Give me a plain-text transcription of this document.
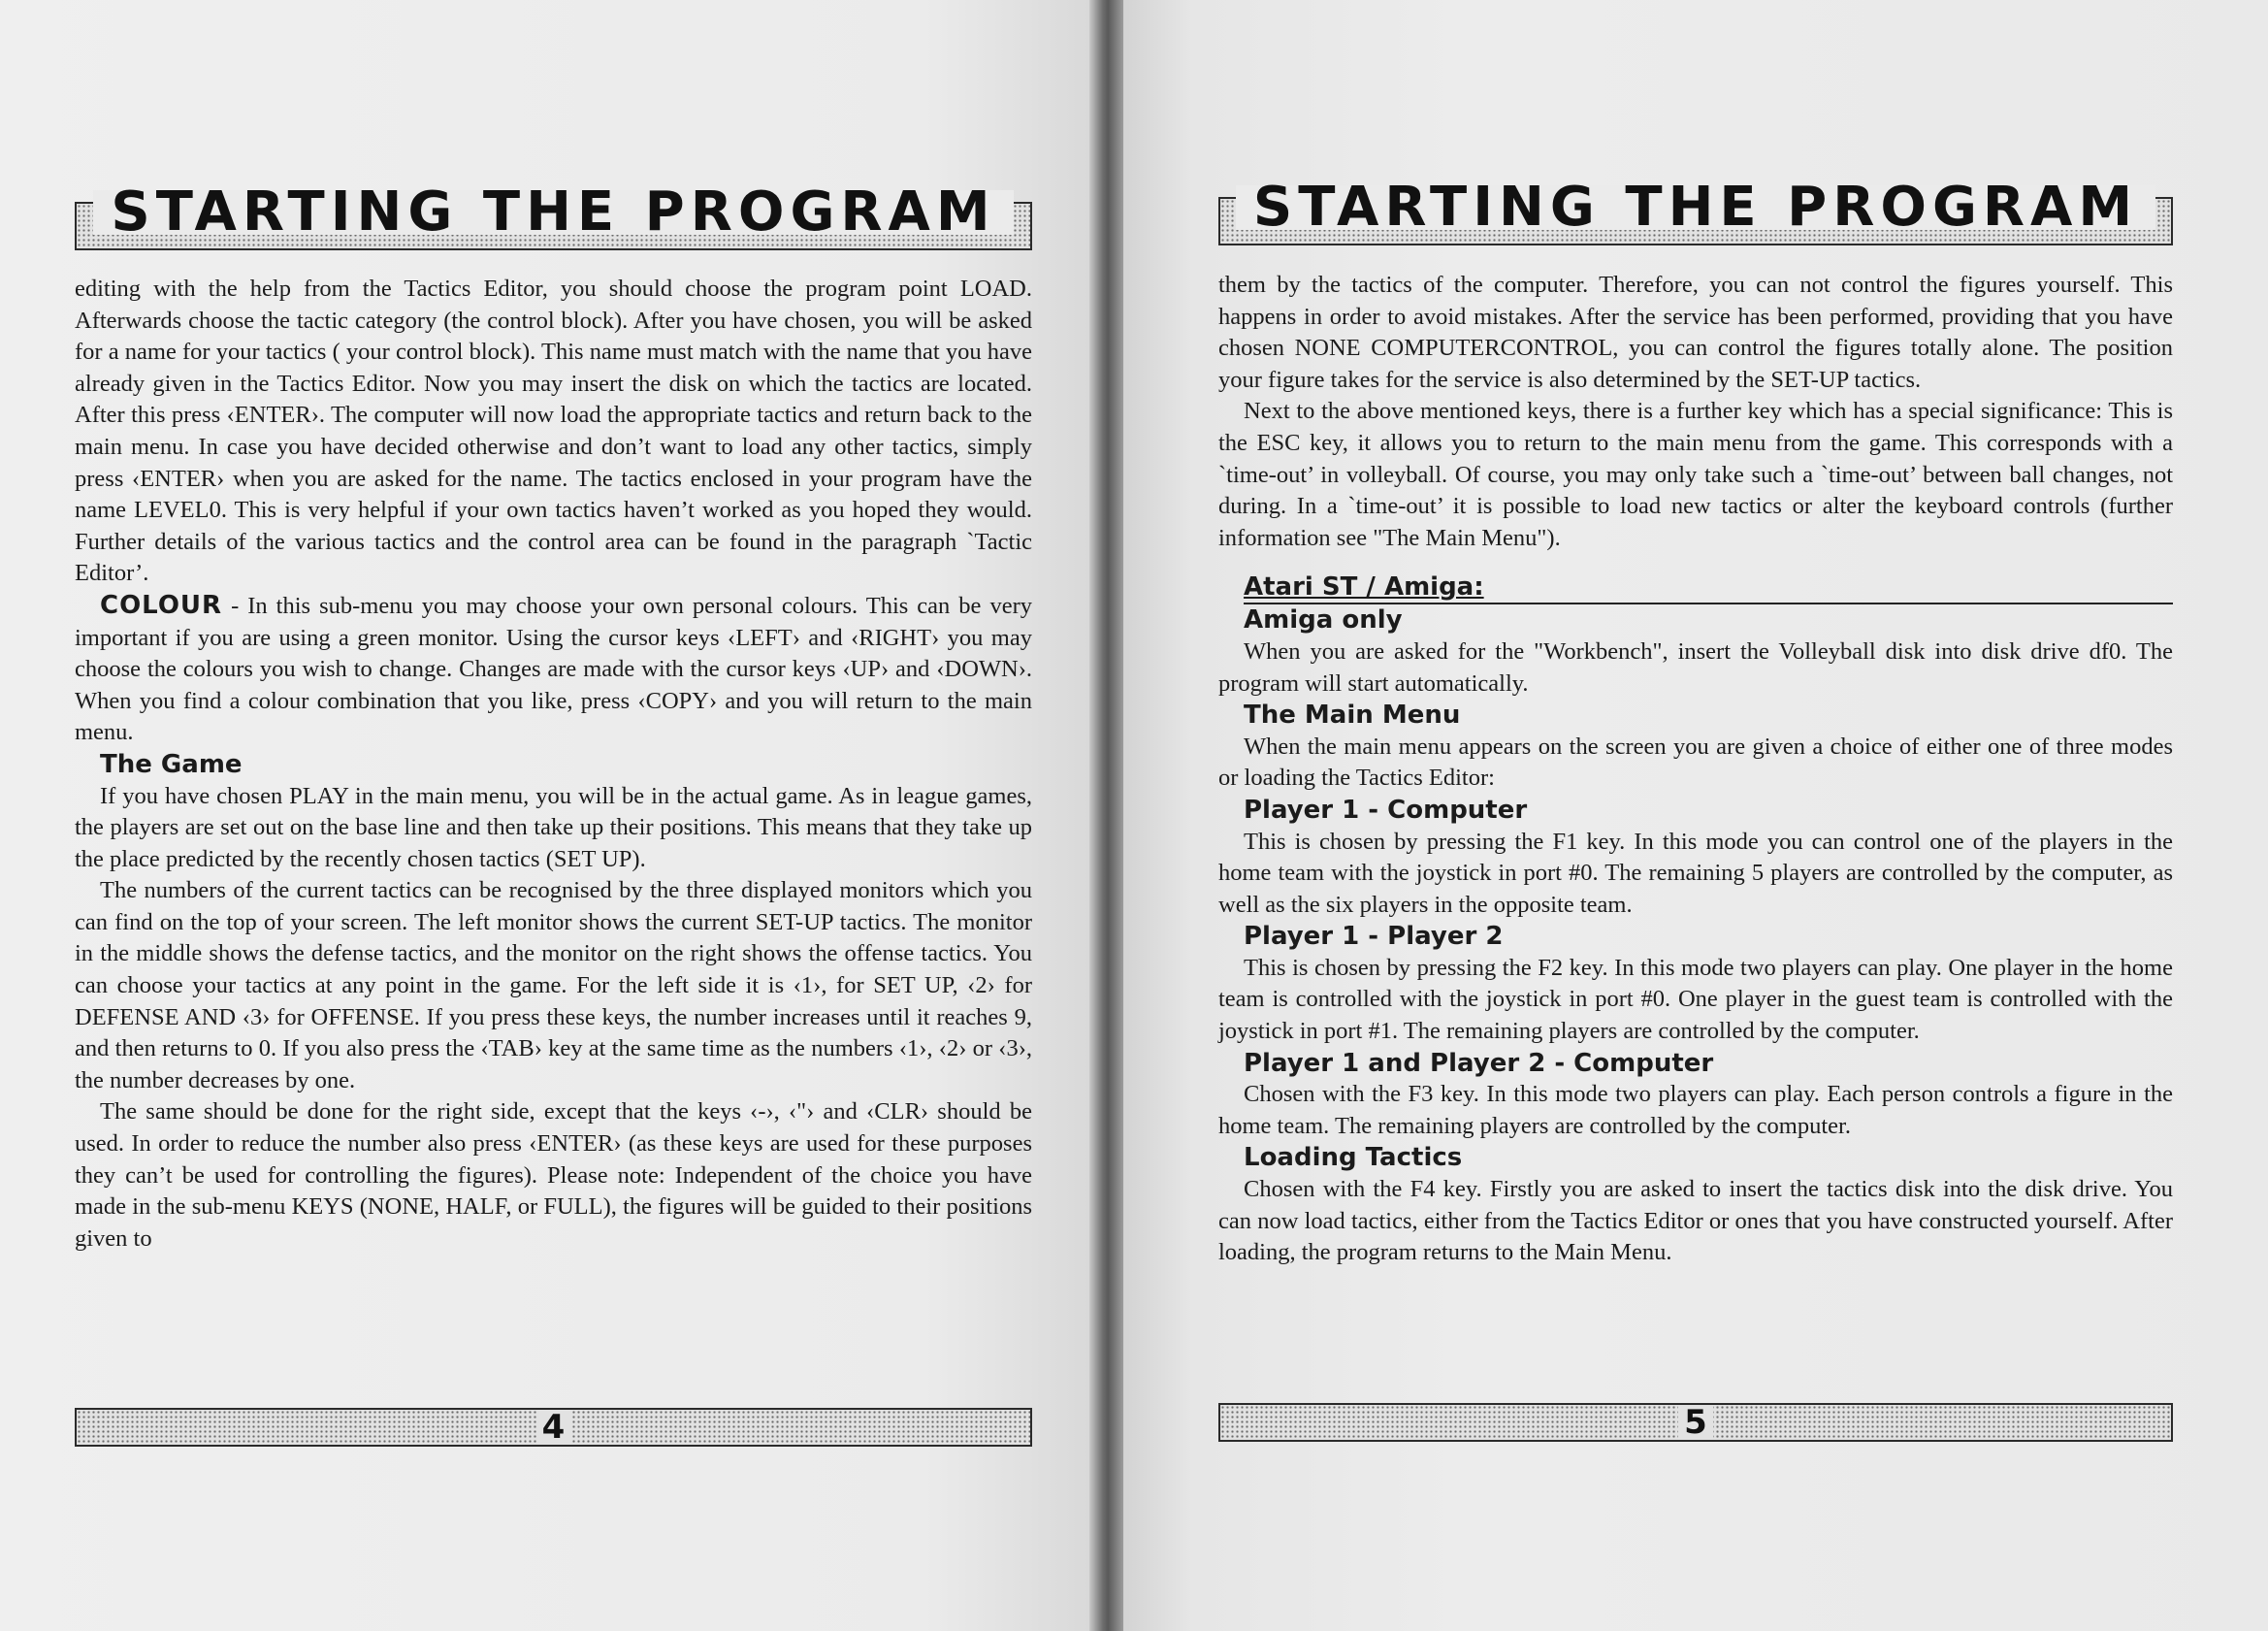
STARTING THE PROGRAM

editing with the help from the Tactics Editor, you should choose the program point LOAD. Afterwards choose the tactic category (the control block). After you have chosen, you will be asked for a name for your tactics ( your control block). This name must match with the name that you have already given in the Tactics Editor. Now you may insert the disk on which the tactics are located. After this press ‹ENTER›. The computer will now load the appropriate tactics and return back to the main menu. In case you have decided otherwise and don’t want to load any other tactics, simply press ‹ENTER› when you are asked for the name. The tactics enclosed in your program have the name LEVEL0. This is very helpful if your own tactics haven’t worked as you hoped they would. Further details of the various tactics and the control area can be found in the paragraph `Tactic Editor’.

COLOUR - In this sub-menu you may choose your own personal colours. This can be very important if you are using a green monitor. Using the cursor keys ‹LEFT› and ‹RIGHT› you may choose the colours you wish to change. Changes are made with the cursor keys ‹UP› and ‹DOWN›. When you find a colour combination that you like, press ‹COPY› and you will return to the main menu.

The Game

If you have chosen PLAY in the main menu, you will be in the actual game. As in league games, the players are set out on the base line and then take up their positions. This means that they take up the place predicted by the recently chosen tactics (SET UP).

The numbers of the current tactics can be recognised by the three displayed monitors which you can find on the top of your screen. The left monitor shows the current SET-UP tactics. The monitor in the middle shows the defense tactics, and the monitor on the right shows the offense tactics. You can choose your tactics at any point in the game. For the left side it is ‹1›, for SET UP, ‹2› for DEFENSE AND ‹3› for OFFENSE. If you press these keys, the number increases until it reaches 9, and then returns to 0. If you also press the ‹TAB› key at the same time as the numbers ‹1›, ‹2› or ‹3›, the number decreases by one.

The same should be done for the right side, except that the keys ‹-›, ‹"› and ‹CLR› should be used. In order to reduce the number also press ‹ENTER› (as these keys are used for these purposes they can’t be used for controlling the figures). Please note: Independent of the choice you have made in the sub-menu KEYS (NONE, HALF, or FULL), the figures will be guided to their positions given to

4
STARTING THE PROGRAM

them by the tactics of the computer. Therefore, you can not control the figures yourself. This happens in order to avoid mistakes. After the service has been performed, providing that you have chosen NONE COMPUTERCONTROL, you can control the figures totally alone. The position your figure takes for the service is also determined by the SET-UP tactics.

Next to the above mentioned keys, there is a further key which has a special significance: This is the ESC key, it allows you to return to the main menu from the game. This corresponds with a `time-out’ in volleyball. Of course, you may only take such a `time-out’ between ball changes, not during. In a `time-out’ it is possible to load new tactics or alter the keyboard controls (further information see "The Main Menu").

Atari ST / Amiga:
Amiga only

When you are asked for the "Workbench", insert the Volleyball disk into disk drive df0. The program will start automatically.

The Main Menu

When the main menu appears on the screen you are given a choice of either one of three modes or loading the Tactics Editor:

Player 1 - Computer

This is chosen by pressing the F1 key. In this mode you can control one of the players in the home team with the joystick in port #0. The remaining 5 players are controlled by the computer, as well as the six players in the opposite team.

Player 1 - Player 2

This is chosen by pressing the F2 key. In this mode two players can play. One player in the home team is controlled with the joystick in port #0. One player in the guest team is controlled with the joystick in port #1. The remaining players are controlled by the computer.

Player 1 and Player 2 - Computer

Chosen with the F3 key. In this mode two players can play. Each person controls a figure in the home team. The remaining players are controlled by the computer.

Loading Tactics

Chosen with the F4 key. Firstly you are asked to insert the tactics disk into the disk drive. You can now load tactics, either from the Tactics Editor or ones that you have constructed yourself. After loading, the program returns to the Main Menu.

5
